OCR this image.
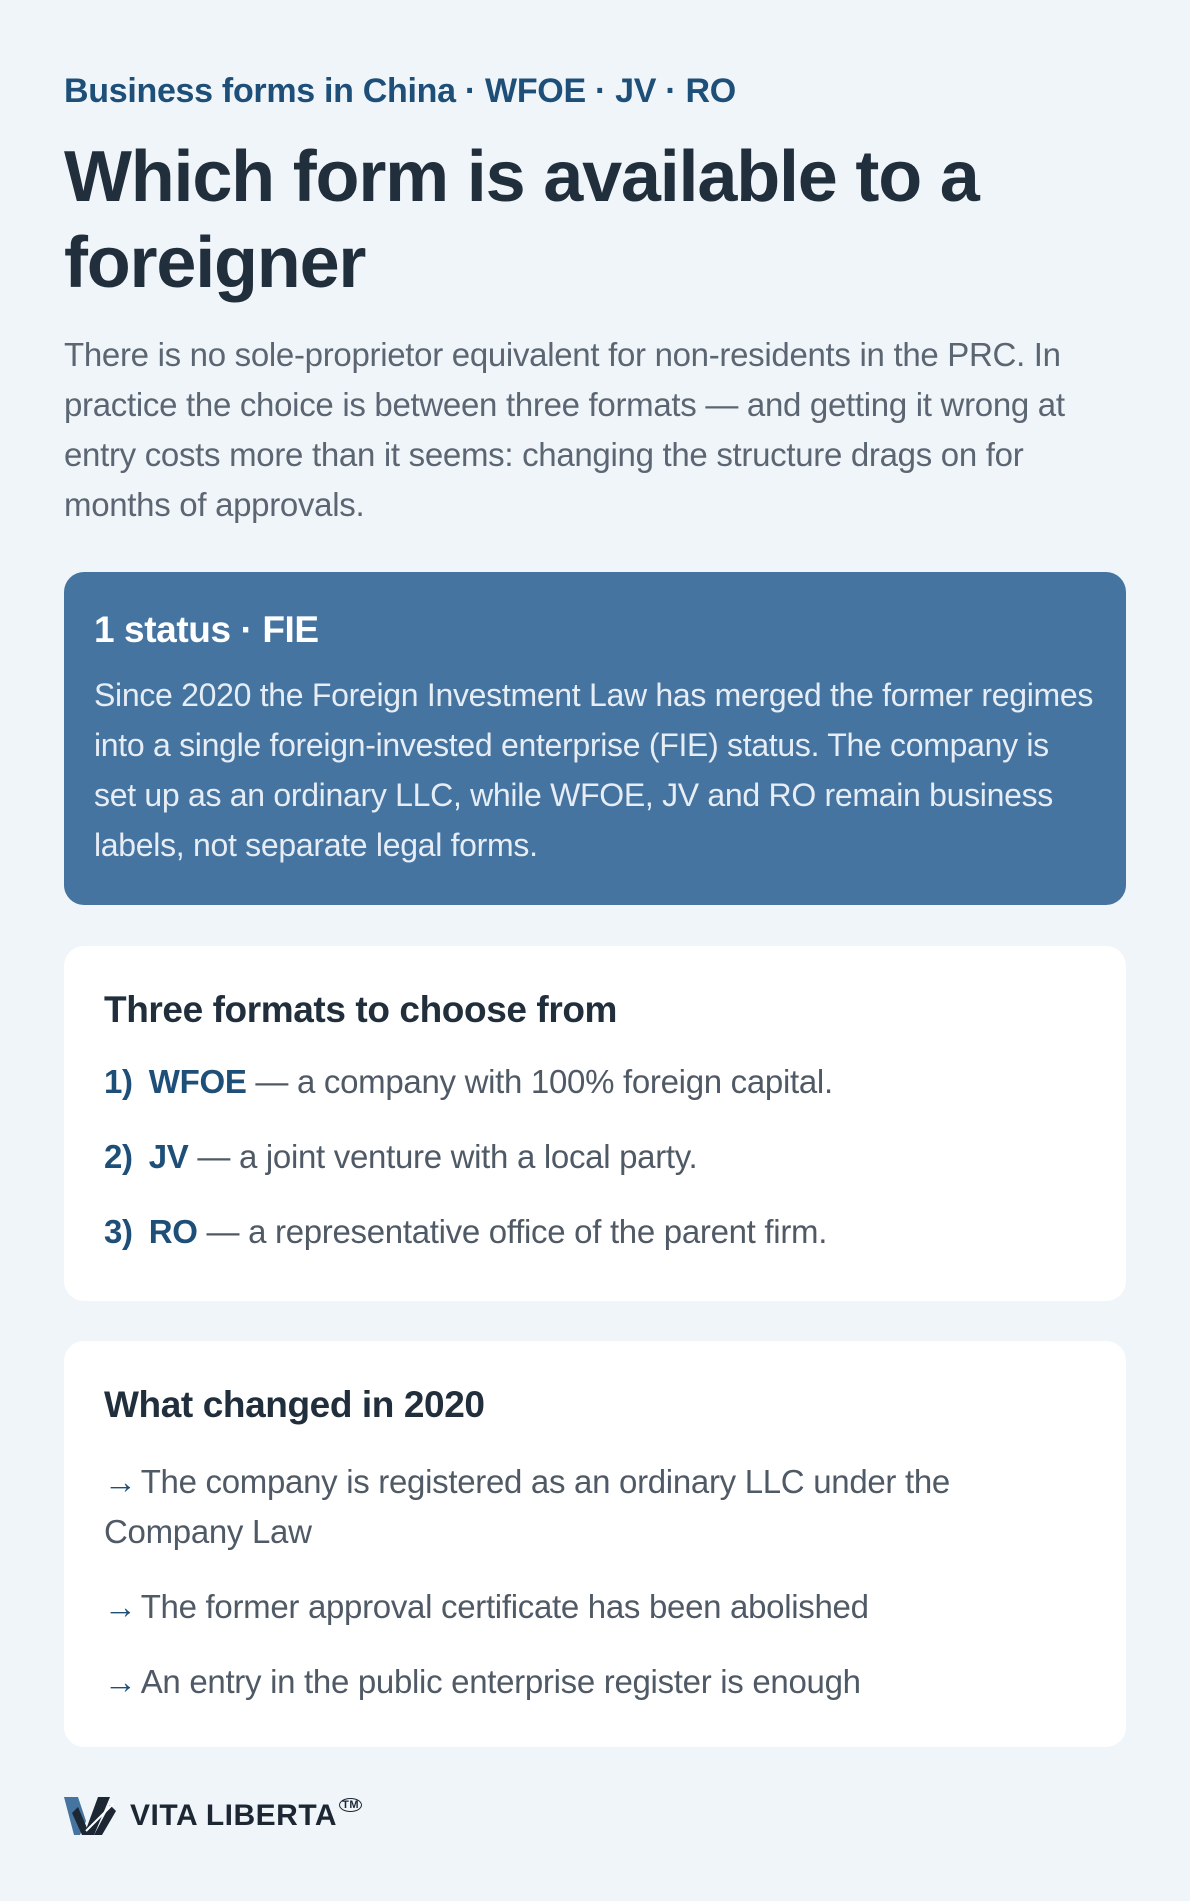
Business forms in China · WFOE · JV · RO
Which form is available to a foreigner

There is no sole-proprietor equivalent for non-residents in the PRC. In practice the choice is between three formats — and getting it wrong at entry costs more than it seems: changing the structure drags on for months of approvals.

1 status · FIE

Since 2020 the Foreign Investment Law has merged the former regimes into a single foreign-invested enterprise (FIE) status. The company is set up as an ordinary LLC, while WFOE, JV and RO remain business labels, not separate legal forms.

Three formats to choose from
1) WFOE — a company with 100% foreign capital.
2) JV — a joint venture with a local party.
3) RO — a representative office of the parent firm.
What changed in 2020
→ The company is registered as an ordinary LLC under the Company Law
→ The former approval certificate has been abolished
→ An entry in the public enterprise register is enough
VITA LIBERTA ™
